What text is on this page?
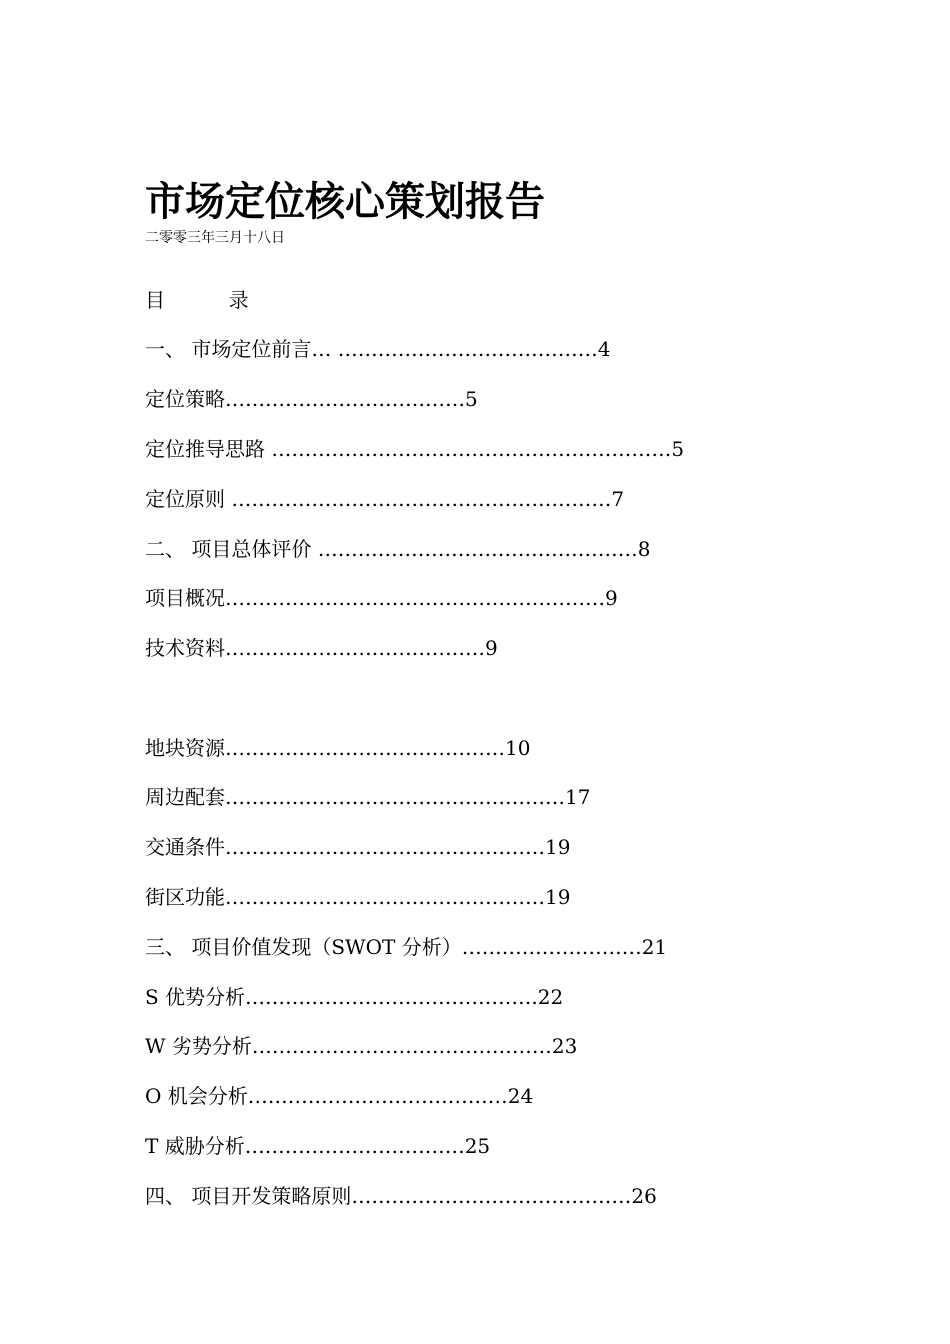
市场定位核心策划报告
二零零三年三月十八日
目          录
一、 市场定位前言… …………………………………4
定位策略………………………………5
定位推导思路 ……………………………………………………5
定位原则 …………………………………………………7
二、 项目总体评价 …………………………………………8
项目概况…………………………………………………9
技术资料…………………………………9
地块资源……………………………………10
周边配套……………………………………………17
交通条件…………………………………………19
街区功能…………………………………………19
三、 项目价值发现（SWOT 分析）………………………21
S 优势分析……….…………………………….22
W 劣势分析………………………………………23
O 机会分析…………………………………24
T 威胁分析……………………………25
四、 项目开发策略原则……………………………………26
